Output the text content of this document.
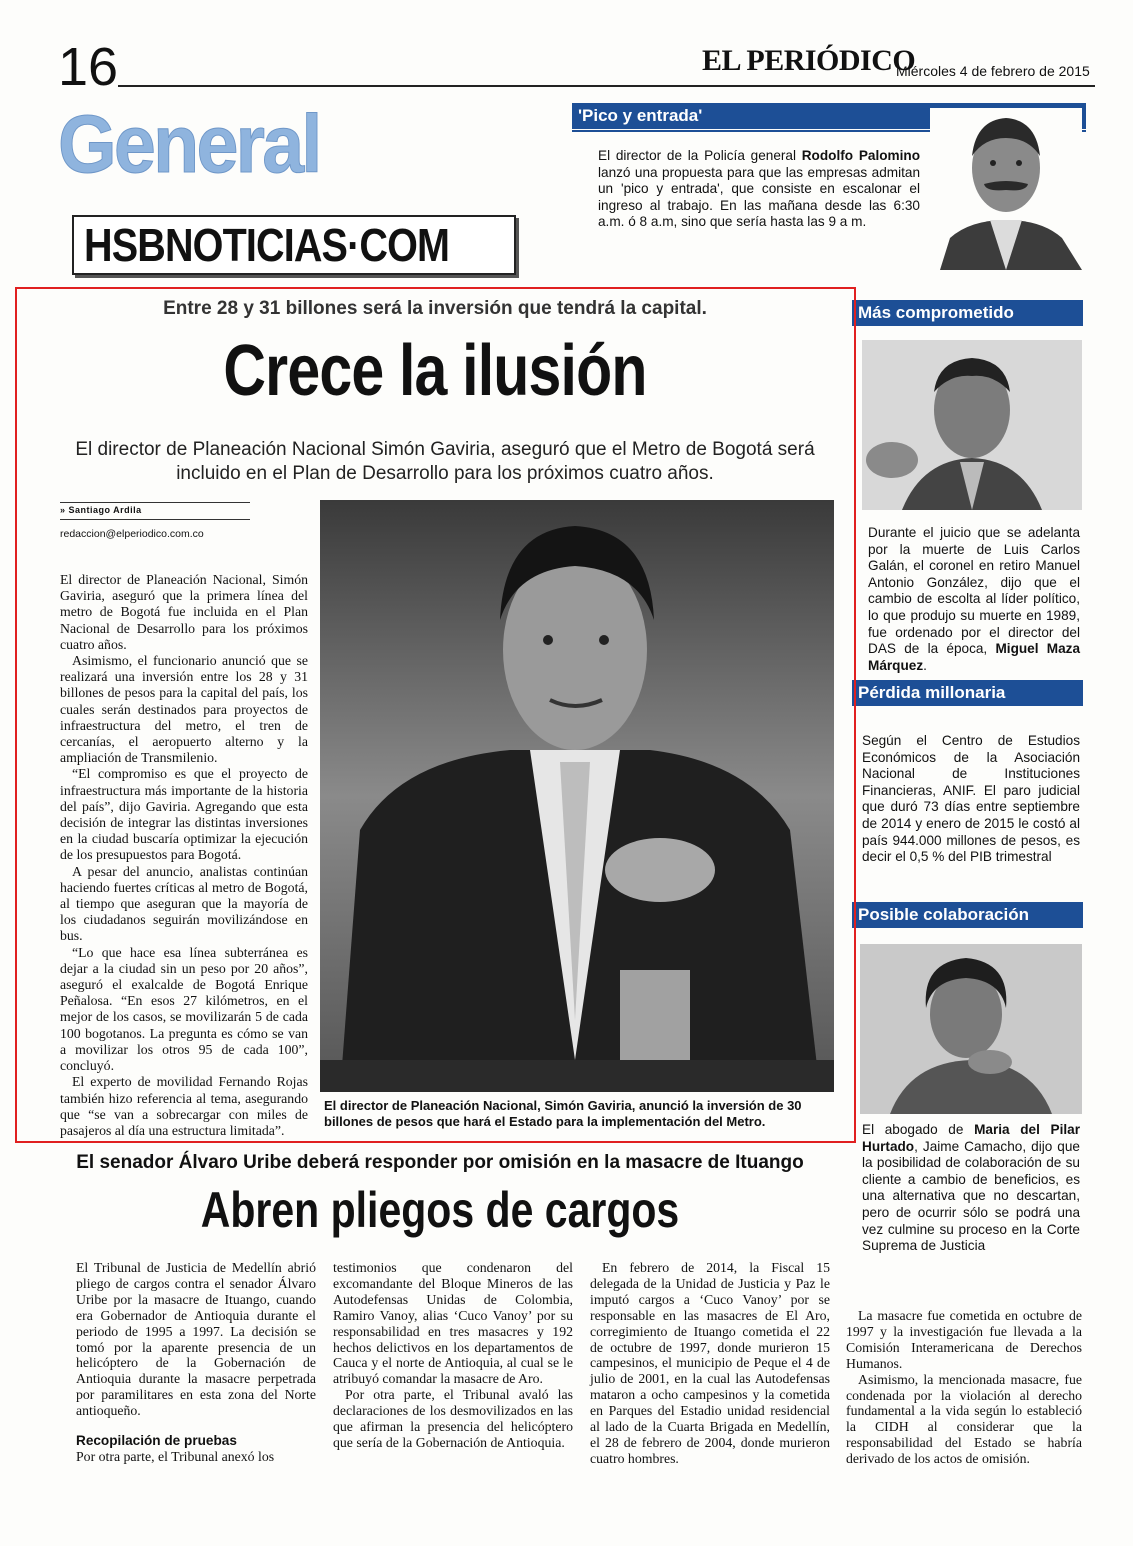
16	EL PERIÓDICO
Miércoles 4 de febrero de 2015
General
HSBNOTICIAS·COM
'Pico y entrada'
El director de la Policía general Rodolfo Palomino lanzó una propuesta para que las empresas admitan un 'pico y entrada', que consiste en escalonar el ingreso al trabajo. En las mañana desde las 6:30 a.m. ó 8 a.m, sino que sería hasta las 9 a m.
Más comprometido
Durante el juicio que se adelanta por la muerte de Luis Carlos Galán, el coronel en retiro Manuel Antonio González, dijo que el cambio de escolta al líder político, lo que produjo su muerte en 1989, fue ordenado por el director del DAS de la época, Miguel Maza Márquez.
Pérdida millonaria
Según el Centro de Estudios Económicos de la Asociación Nacional de Instituciones Financieras, ANIF. El paro judicial que duró 73 días entre septiembre de 2014 y enero de 2015 le costó al país 944.000 millones de pesos, es decir el 0,5 % del PIB trimestral
Posible colaboración
El abogado de Maria del Pilar Hurtado, Jaime Camacho, dijo que la posibilidad de colaboración de su cliente a cambio de beneficios, es una alternativa que no descartan, pero de ocurrir sólo se podrá una vez culmine su proceso en la Corte Suprema de Justicia
Entre 28 y 31 billones será la inversión que tendrá la capital.
Crece la ilusión
El director de Planeación Nacional Simón Gaviria, aseguró que el Metro de Bogotá será incluido en el Plan de Desarrollo para los próximos cuatro años.
» Santiago Ardila
redaccion@elperiodico.com.co

El director de Planeación Nacional, Simón Gaviria, aseguró que la primera línea del metro de Bogotá fue incluida en el Plan Nacional de Desarrollo para los próximos cuatro años.

Asimismo, el funcionario anunció que se realizará una inversión entre los 28 y 31 billones de pesos para la capital del país, los cuales serán destinados para proyectos de infraestructura del metro, el tren de cercanías, el aeropuerto alterno y la ampliación de Transmilenio.

“El compromiso es que el proyecto de infraestructura más importante de la historia del país”, dijo Gaviria. Agregando que esta decisión de integrar las distintas inversiones en la ciudad buscaría optimizar la ejecución de los presupuestos para Bogotá.

A pesar del anuncio, analistas continúan haciendo fuertes críticas al metro de Bogotá, al tiempo que aseguran que la mayoría de los ciudadanos seguirán movilizándose en bus.

“Lo que hace esa línea subterránea es dejar a la ciudad sin un peso por 20 años”, aseguró el exalcalde de Bogotá Enrique Peñalosa. “En esos 27 kilómetros, en el mejor de los casos, se movilizarán 5 de cada 100 bogotanos. La pregunta es cómo se van a movilizar los otros 95 de cada 100”, concluyó.

El experto de movilidad Fernando Rojas también hizo referencia al tema, asegurando que “se van a sobrecargar con miles de pasajeros al día una estructura limitada”.

El director de Planeación Nacional, Simón Gaviria, anunció la inversión de 30 billones de pesos que hará el Estado para la implementación del Metro.
El senador Álvaro Uribe deberá responder por omisión en la masacre de Ituango
Abren pliegos de cargos

El Tribunal de Justicia de Medellín abrió pliego de cargos contra el senador Álvaro Uribe por la masacre de Ituango, cuando era Gobernador de Antioquia durante el periodo de 1995 a 1997. La decisión se tomó por la aparente presencia de un helicóptero de la Gobernación de Antioquia durante la masacre perpetrada por paramilitares en esta zona del Norte antioqueño.

Recopilación de pruebas

Por otra parte, el Tribunal anexó los

testimonios que condenaron del excomandante del Bloque Mineros de las Autodefensas Unidas de Colombia, Ramiro Vanoy, alias ‘Cuco Vanoy’ por su responsabilidad en tres masacres y 192 hechos delictivos en los departamentos de Cauca y el norte de Antioquia, al cual se le atribuyó comandar la masacre de Aro.

Por otra parte, el Tribunal avaló las declaraciones de los desmovilizados en las que afirman la presencia del helicóptero que sería de la Gobernación de Antioquia.

En febrero de 2014, la Fiscal 15 delegada de la Unidad de Justicia y Paz le imputó cargos a ‘Cuco Vanoy’ por se responsable en las masacres de El Aro, corregimiento de Ituango cometida el 22 de octubre de 1997, donde murieron 15 campesinos, el municipio de Peque el 4 de julio de 2001, en la cual las Autodefensas mataron a ocho campesinos y la cometida en Parques del Estadio unidad residencial al lado de la Cuarta Brigada en Medellín, el 28 de febrero de 2004, donde murieron cuatro hombres.

La masacre fue cometida en octubre de 1997 y la investigación fue llevada a la Comisión Interamericana de Derechos Humanos.

Asimismo, la mencionada masacre, fue condenada por la violación al derecho fundamental a la vida según lo estableció la CIDH al considerar que la responsabilidad del Estado se habría derivado de los actos de omisión.
